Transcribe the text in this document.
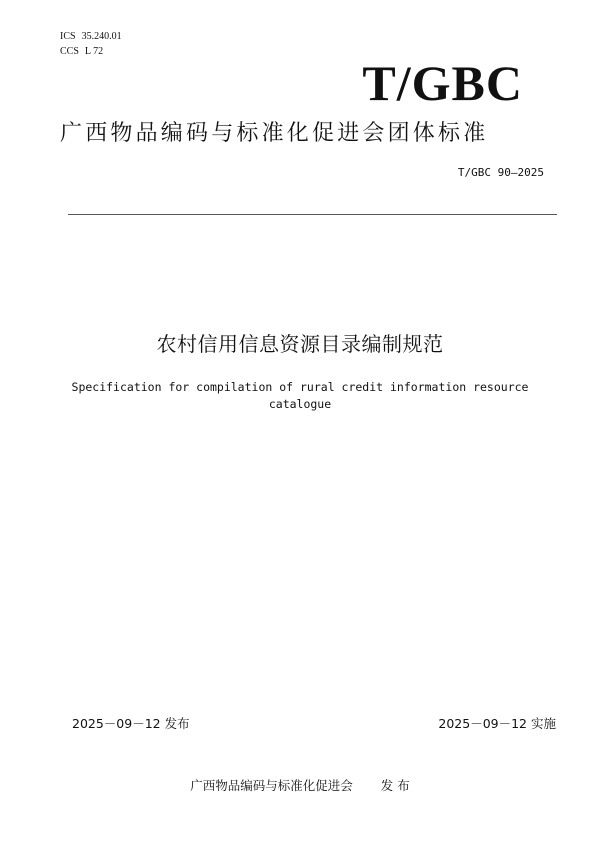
ICS 35.240.01
CCS L 72
T/GBC
广西物品编码与标准化促进会团体标准
T/GBC 90—2025
农村信用信息资源目录编制规范
Specification for compilation of rural credit information resource catalogue
2025－09－12 发布	2025－09－12 实施
广西物品编码与标准化促进会 发 布
